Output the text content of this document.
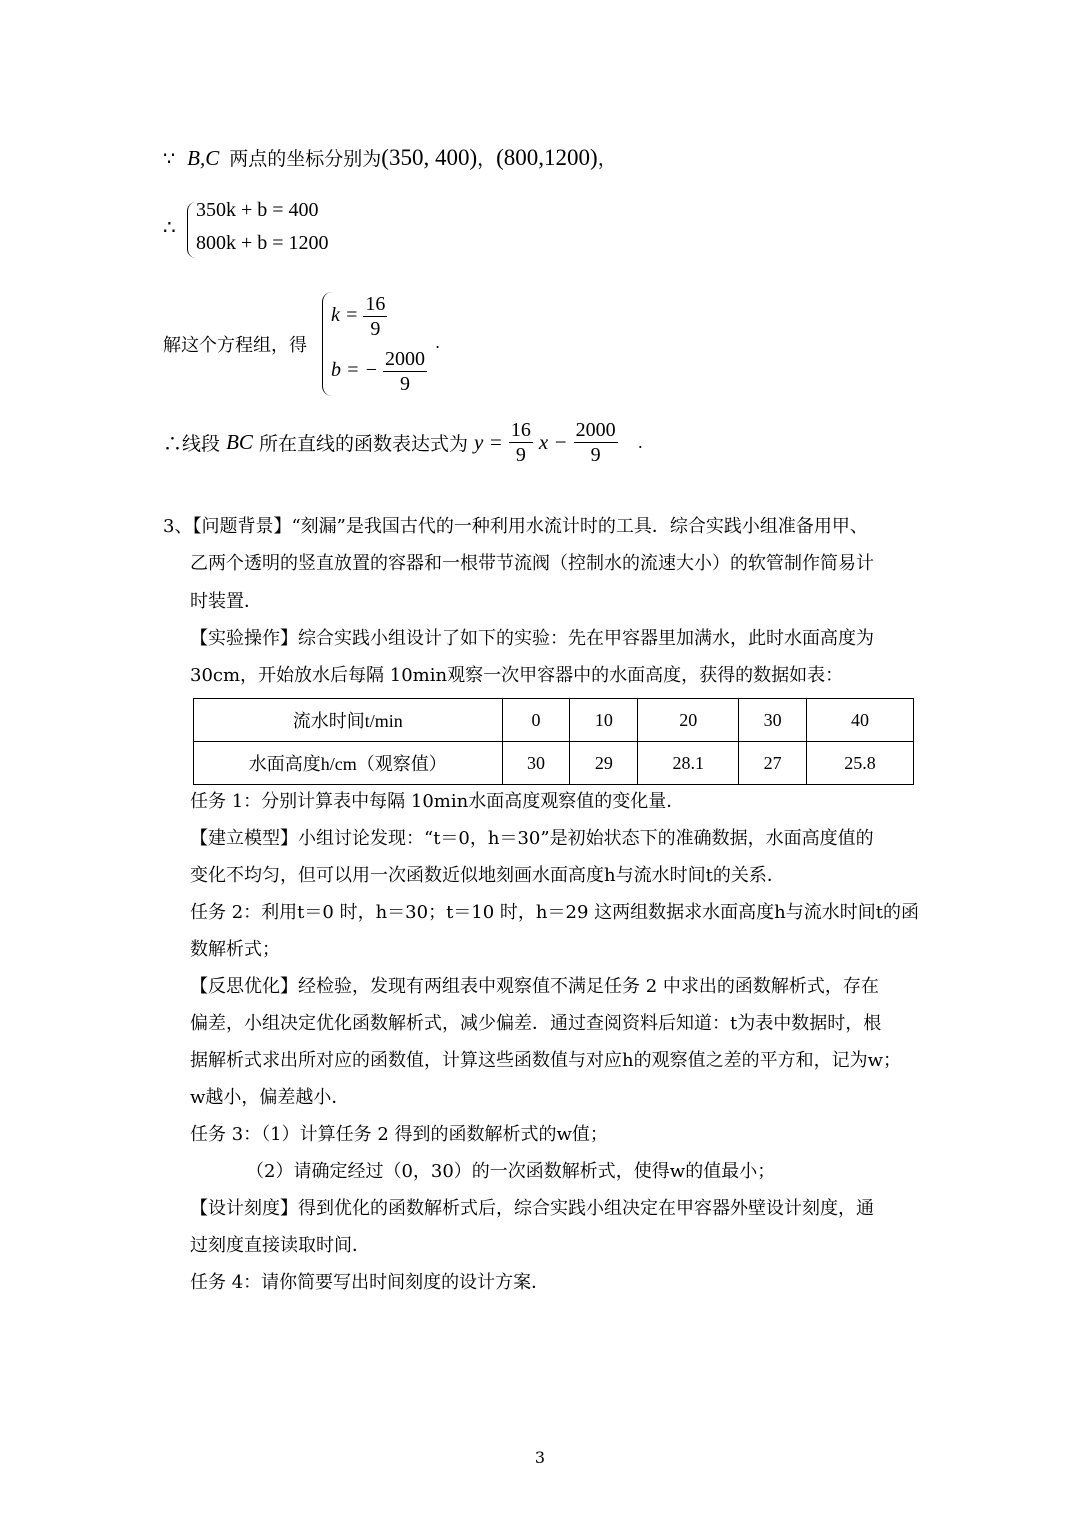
∵ B,C 两点的坐标分别为(350, 400)，(800,1200)，
∴
350k + b = 400
800k + b = 1200
解这个方程组，得
$k = \frac{16}{9}$
b = − $\frac{2000}{9}$
.
∴线段 BC 所在直线的函数表达式为 $y = \frac{16}{9}$ $x - \frac{2000}{9}$ .
3、【问题背景】“刻漏”是我国古代的一种利用水流计时的工具．综合实践小组准备用甲、
乙两个透明的竖直放置的容器和一根带节流阀（控制水的流速大小）的软管制作简易计
时装置．
【实验操作】综合实践小组设计了如下的实验：先在甲容器里加满水，此时水面高度为
30cm，开始放水后每隔 10min观察一次甲容器中的水面高度，获得的数据如表：
流水时间t/min	0	10	20	30	40
水面高度h/cm（观察值）	30	29	28.1	27	25.8
任务 1：分别计算表中每隔 10min水面高度观察值的变化量．
【建立模型】小组讨论发现：“t＝0，h＝30”是初始状态下的准确数据，水面高度值的
变化不均匀，但可以用一次函数近似地刻画水面高度h与流水时间t的关系．
任务 2：利用t＝0 时，h＝30；t＝10 时，h＝29 这两组数据求水面高度h与流水时间t的函
数解析式；
【反思优化】经检验，发现有两组表中观察值不满足任务 2 中求出的函数解析式，存在
偏差，小组决定优化函数解析式，减少偏差．通过查阅资料后知道：t为表中数据时，根
据解析式求出所对应的函数值，计算这些函数值与对应h的观察值之差的平方和，记为w；
w越小，偏差越小．
任务 3：（1）计算任务 2 得到的函数解析式的w值；
（2）请确定经过（0，30）的一次函数解析式，使得w的值最小；
【设计刻度】得到优化的函数解析式后，综合实践小组决定在甲容器外壁设计刻度，通
过刻度直接读取时间．
任务 4：请你简要写出时间刻度的设计方案．
3
